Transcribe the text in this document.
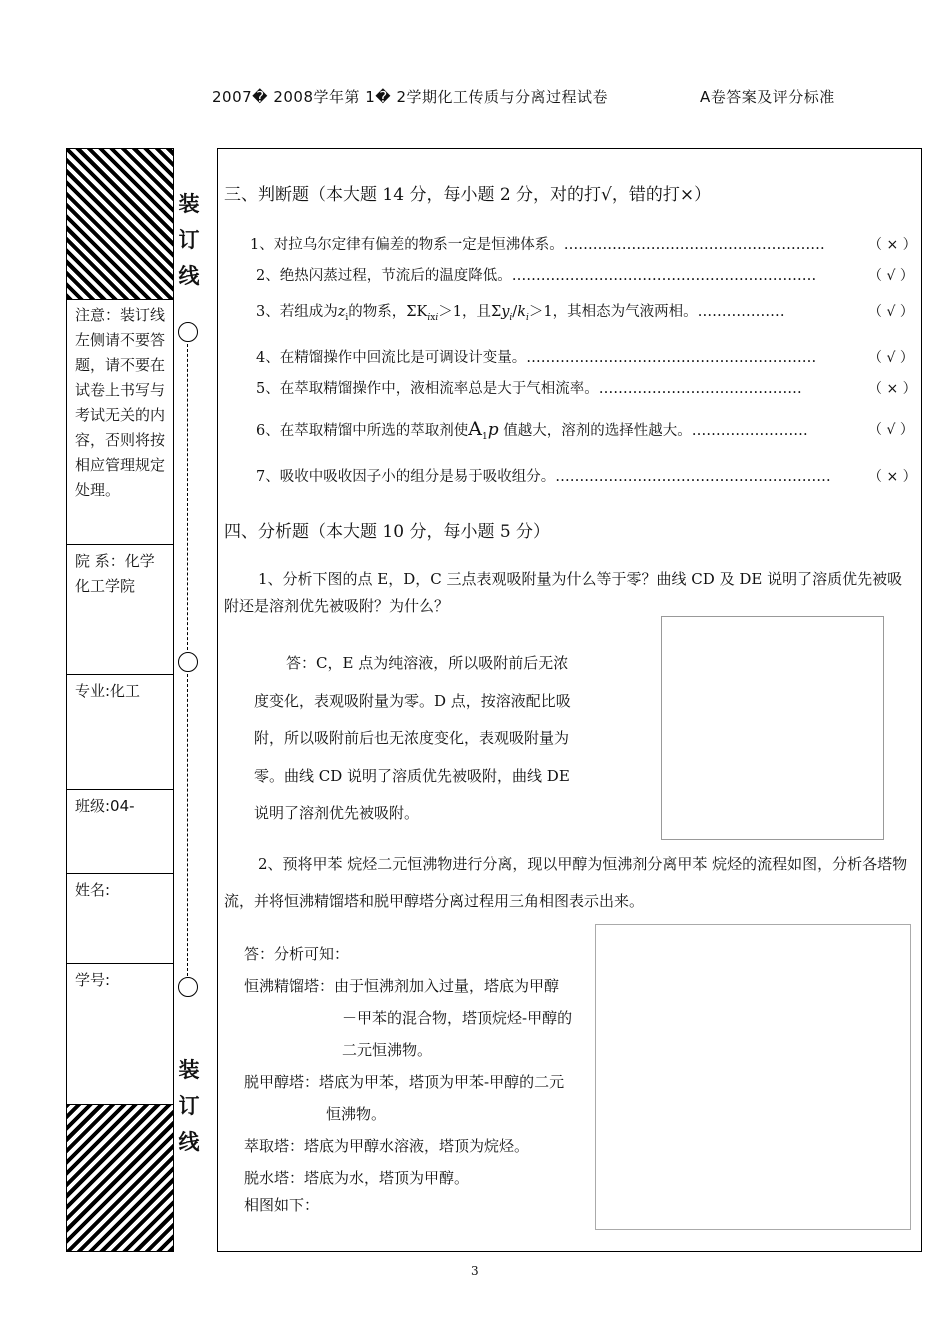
2007� 2008学年第 1� 2学期化工传质与分离过程试卷	A卷答案及评分标准
注意：装订线左侧请不要答题，请不要在试卷上书写与考试无关的内容，否则将按相应管理规定处理。
院 系：化学化工学院
专业:化工
班级:04-
姓名:
学号:
装
订
线
装
订
线
三、判断题（本大题 14 分，每小题 2 分，对的打√，错的打×）
1、对拉乌尔定律有偏差的物系一定是恒沸体系。………………………………………………	（ × ）
2、绝热闪蒸过程，节流后的温度降低。………………………………………………………	（ √ ）
3、若组成为$z_i$的物系，$\Sigma K_{ixi}>1$，且$\Sigma y_i/k_i>1$，其相态为气液两相。………………	（ √ ）
4、在精馏操作中回流比是可调设计变量。……………………………………………………	（ √ ）
5、在萃取精馏操作中，液相流率总是大于气相流率。……………………………………	（ × ）
6、在萃取精馏中所选的萃取剂使$A_1p$ 值越大，溶剂的选择性越大。……………………	（ √ ）
7、吸收中吸收因子小的组分是易于吸收组分。…………………………………………………	（ × ）
四、分析题（本大题 10 分，每小题 5 分）
1、分析下图的点 E，D，C 三点表观吸附量为什么等于零？曲线 CD 及 DE 说明了溶质优先被吸附还是溶剂优先被吸附？为什么？
答：C，E 点为纯溶液，所以吸附前后无浓
度变化，表观吸附量为零。D 点，按溶液配比吸
附，所以吸附前后也无浓度变化，表观吸附量为
零。曲线 CD 说明了溶质优先被吸附，曲线 DE
说明了溶剂优先被吸附。
2、预将甲苯 烷烃二元恒沸物进行分离，现以甲醇为恒沸剂分离甲苯 烷烃的流程如图，分析各塔物流，并将恒沸精馏塔和脱甲醇塔分离过程用三角相图表示出来。
答：分析可知：
恒沸精馏塔：由于恒沸剂加入过量，塔底为甲醇
－甲苯的混合物，塔顶烷烃-甲醇的
二元恒沸物。
脱甲醇塔：塔底为甲苯，塔顶为甲苯-甲醇的二元
恒沸物。
萃取塔：塔底为甲醇水溶液，塔顶为烷烃。
脱水塔：塔底为水，塔顶为甲醇。
相图如下：
3
